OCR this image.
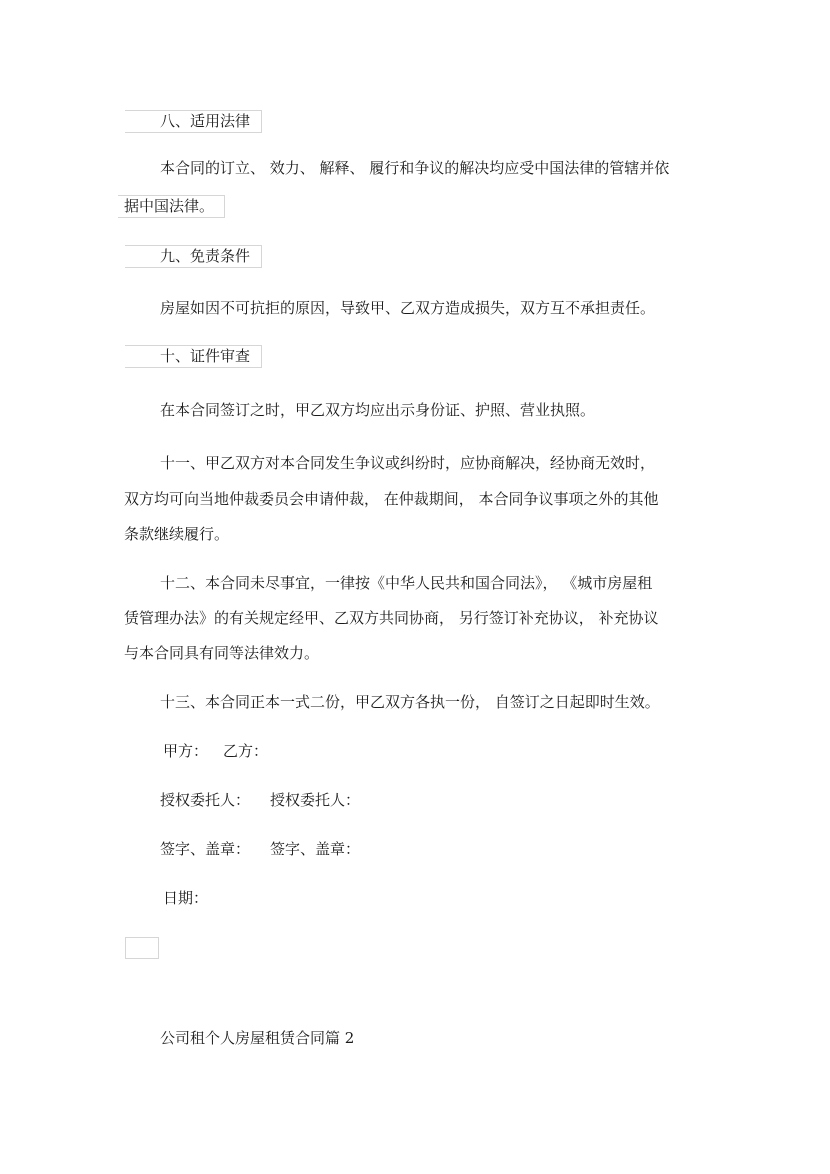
八、适用法律
本合同的订立、 效力、 解释、 履行和争议的解决均应受中国法律的管辖并依
据中国法律。
九、免责条件
房屋如因不可抗拒的原因，导致甲、乙双方造成损失，双方互不承担责任。
十、证件审查
在本合同签订之时，甲乙双方均应出示身份证、护照、营业执照。
十一、甲乙双方对本合同发生争议或纠纷时，应协商解决，经协商无效时，
双方均可向当地仲裁委员会申请仲裁， 在仲裁期间， 本合同争议事项之外的其他
条款继续履行。
十二、本合同未尽事宜，一律按《中华人民共和国合同法》， 《城市房屋租
赁管理办法》的有关规定经甲、乙双方共同协商， 另行签订补充协议， 补充协议
与本合同具有同等法律效力。
十三、本合同正本一式二份，甲乙双方各执一份， 自签订之日起即时生效。
甲方： 乙方：
授权委托人： 授权委托人：
签字、盖章： 签字、盖章：
日期：
公司租个人房屋租赁合同篇 2
